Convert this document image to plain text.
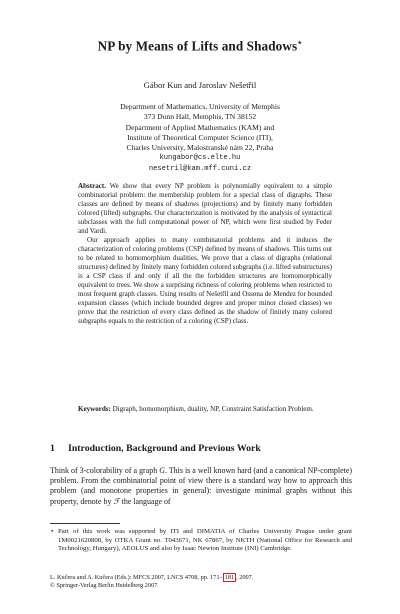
NP by Means of Lifts and Shadows⋆
Gábor Kun and Jaroslav Nešetřil
Department of Mathematics, University of Memphis
373 Dunn Hall, Memphis, TN 38152
Department of Applied Mathematics (KAM) and
Institute of Theoretical Computer Science (ITI),
Charles University, Malostranské nám 22, Praha
kungabor@cs.elte.hu
nesetril@kam.mff.cuni.cz

Abstract. We show that every NP problem is polynomially equivalent to a simple combinatorial problem: the membership problem for a special class of digraphs. These classes are defined by means of shadows (projections) and by finitely many forbidden colored (lifted) subgraphs. Our characterization is motivated by the analysis of syntactical subclasses with the full computational power of NP, which were first studied by Feder and Vardi.

Our approach applies to many combinatorial problems and it induces the characterization of coloring problems (CSP) defined by means of shadows. This turns out to be related to homomorphism dualities. We prove that a class of digraphs (relational structures) defined by finitely many forbidden colored subgraphs (i.e. lifted substructures) is a CSP class if and only if all the the forbidden structures are homomorphically equivalent to trees. We show a surprising richness of coloring problems when restricted to most frequent graph classes. Using results of Nešetřil and Ossona de Mendez for bounded expansion classes (which include bounded degree and proper minor closed classes) we prove that the restriction of every class defined as the shadow of finitely many colored subgraphs equals to the restriction of a coloring (CSP) class.

Keywords: Digraph, homomorphism, duality, NP, Constraint Satisfaction Problem.
1 Introduction, Background and Previous Work

Think of 3-colorability of a graph G. This is a well known hard (and a canonical NP-complete) problem. From the combinatorial point of view there is a standard way how to approach this problem (and monotone properties in general): investigate minimal graphs without this property, denote by ℱ the language of

⋆ Part of this work was supported by ITI and DIMATIA of Charles University Prague under grant 1M0021620808, by OTKA Grant no. T043671, NK 67867, by NKTH (National Office for Research and Technology, Hungary), AEOLUS and also by Isaac Newton Institute (INI) Cambridge.

L. Kučera and A. Kučera (Eds.): MFCS 2007, LNCS 4708, pp. 171– 181 , 2007.
© Springer-Verlag Berlin Heidelberg 2007
